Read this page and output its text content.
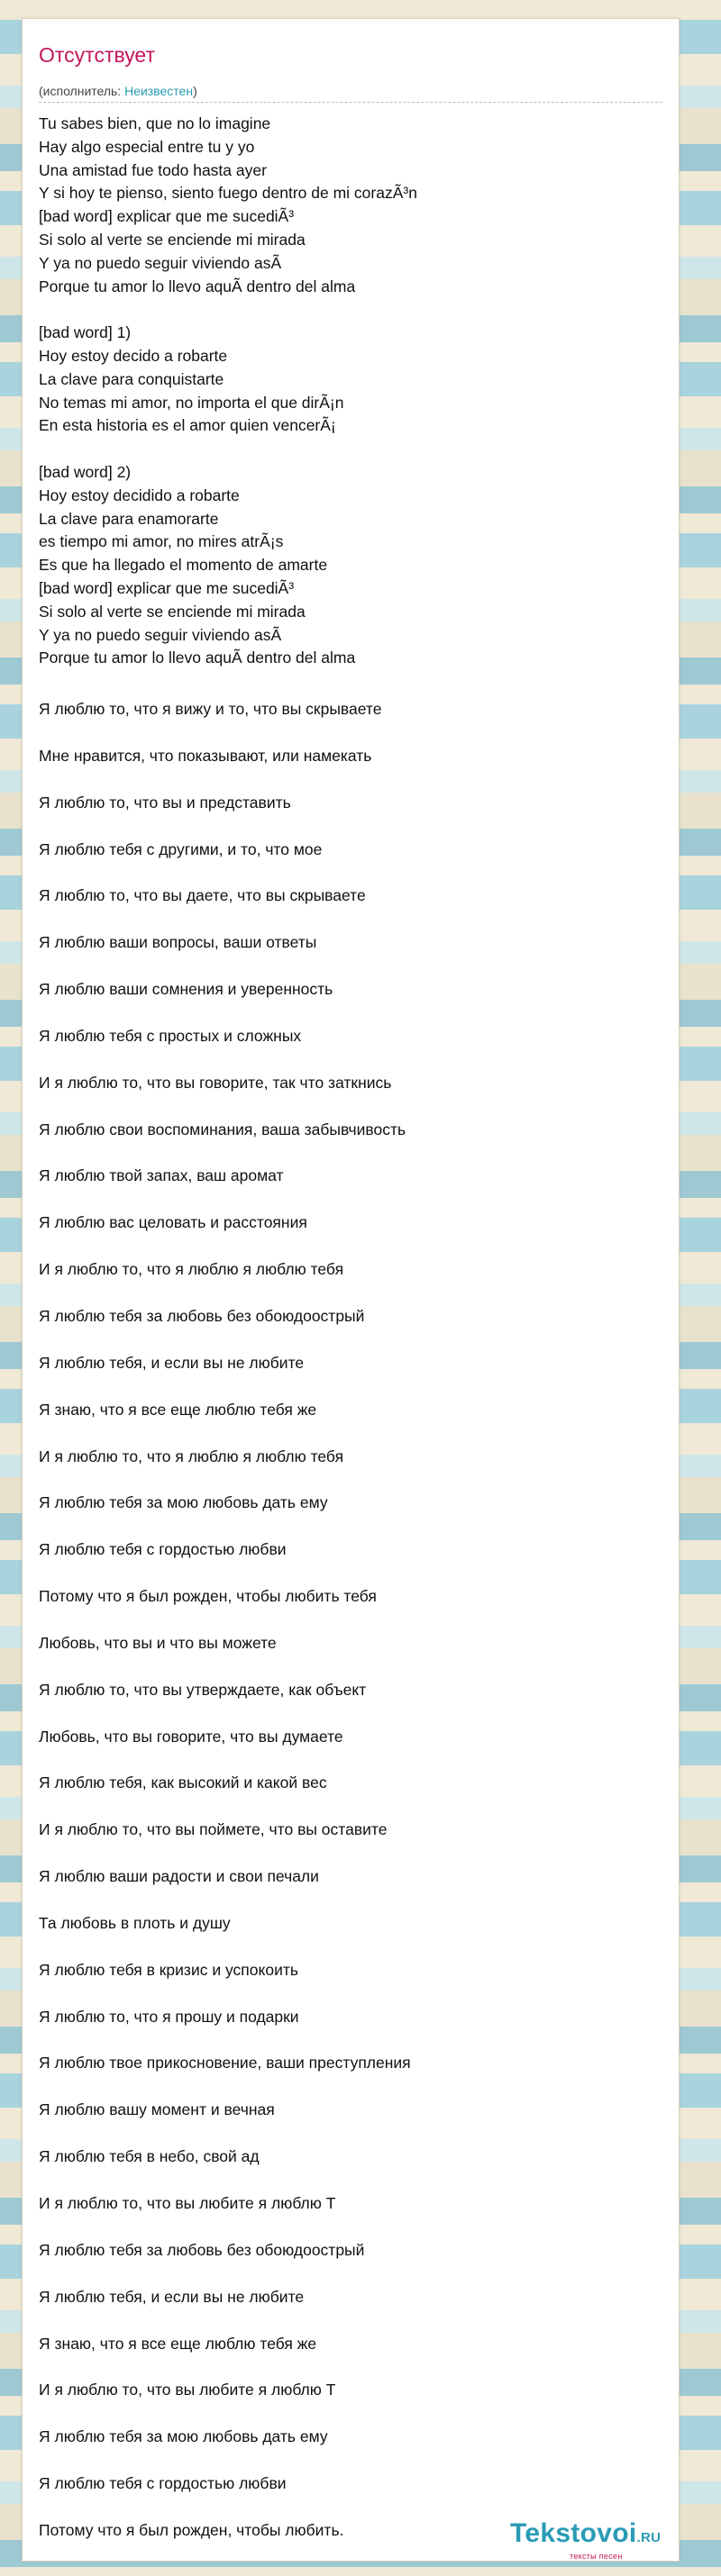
Отсутствует
(исполнитель: Неизвестен)
Tu sabes bien, que no lo imagine
Hay algo especial entre tu y yo
Una amistad fue todo hasta ayer
Y si hoy te pienso, siento fuego dentro de mi corazÃ³n
[bad word] explicar que me sucediÃ³
Si solo al verte se enciende mi mirada
Y ya no puedo seguir viviendo asÃ
Porque tu amor lo llevo aquÃ dentro del alma

[bad word] 1)
Hoy estoy decido a robarte
La clave para conquistarte
No temas mi amor, no importa el que dirÃ¡n
En esta historia es el amor quien vencerÃ¡

[bad word] 2)
Hoy estoy decidido a robarte
La clave para enamorarte
es tiempo mi amor, no mires atrÃ¡s
Es que ha llegado el momento de amarte
[bad word] explicar que me sucediÃ³
Si solo al verte se enciende mi mirada
Y ya no puedo seguir viviendo asÃ
Porque tu amor lo llevo aquÃ dentro del alma
Я люблю то, что я вижу и то, что вы скрываете
Мне нравится, что показывают, или намекать
Я люблю то, что вы и представить
Я люблю тебя с другими, и то, что мое
Я люблю то, что вы даете, что вы скрываете
Я люблю ваши вопросы, ваши ответы
Я люблю ваши сомнения и уверенность
Я люблю тебя с простых и сложных
И я люблю то, что вы говорите, так что заткнись
Я люблю свои воспоминания, ваша забывчивость
Я люблю твой запах, ваш аромат
Я люблю вас целовать и расстояния
И я люблю то, что я люблю я люблю тебя
Я люблю тебя за любовь без обоюдоострый
Я люблю тебя, и если вы не любите
Я знаю, что я все еще люблю тебя же
И я люблю то, что я люблю я люблю тебя
Я люблю тебя за мою любовь дать ему
Я люблю тебя с гордостью любви
Потому что я был рожден, чтобы любить тебя
Любовь, что вы и что вы можете
Я люблю то, что вы утверждаете, как объект
Любовь, что вы говорите, что вы думаете
Я люблю тебя, как высокий и какой вес
И я люблю то, что вы поймете, что вы оставите
Я люблю ваши радости и свои печали
Та любовь в плоть и душу
Я люблю тебя в кризис и успокоить
Я люблю то, что я прошу и подарки
Я люблю твое прикосновение, ваши преступления
Я люблю вашу момент и вечная
Я люблю тебя в небо, свой ад
И я люблю то, что вы любите я люблю Т
Я люблю тебя за любовь без обоюдоострый
Я люблю тебя, и если вы не любите
Я знаю, что я все еще люблю тебя же
И я люблю то, что вы любите я люблю Т
Я люблю тебя за мою любовь дать ему
Я люблю тебя с гордостью любви
Потому что я был рожден, чтобы любить.	Tekstovoi.RU
тексты песен
